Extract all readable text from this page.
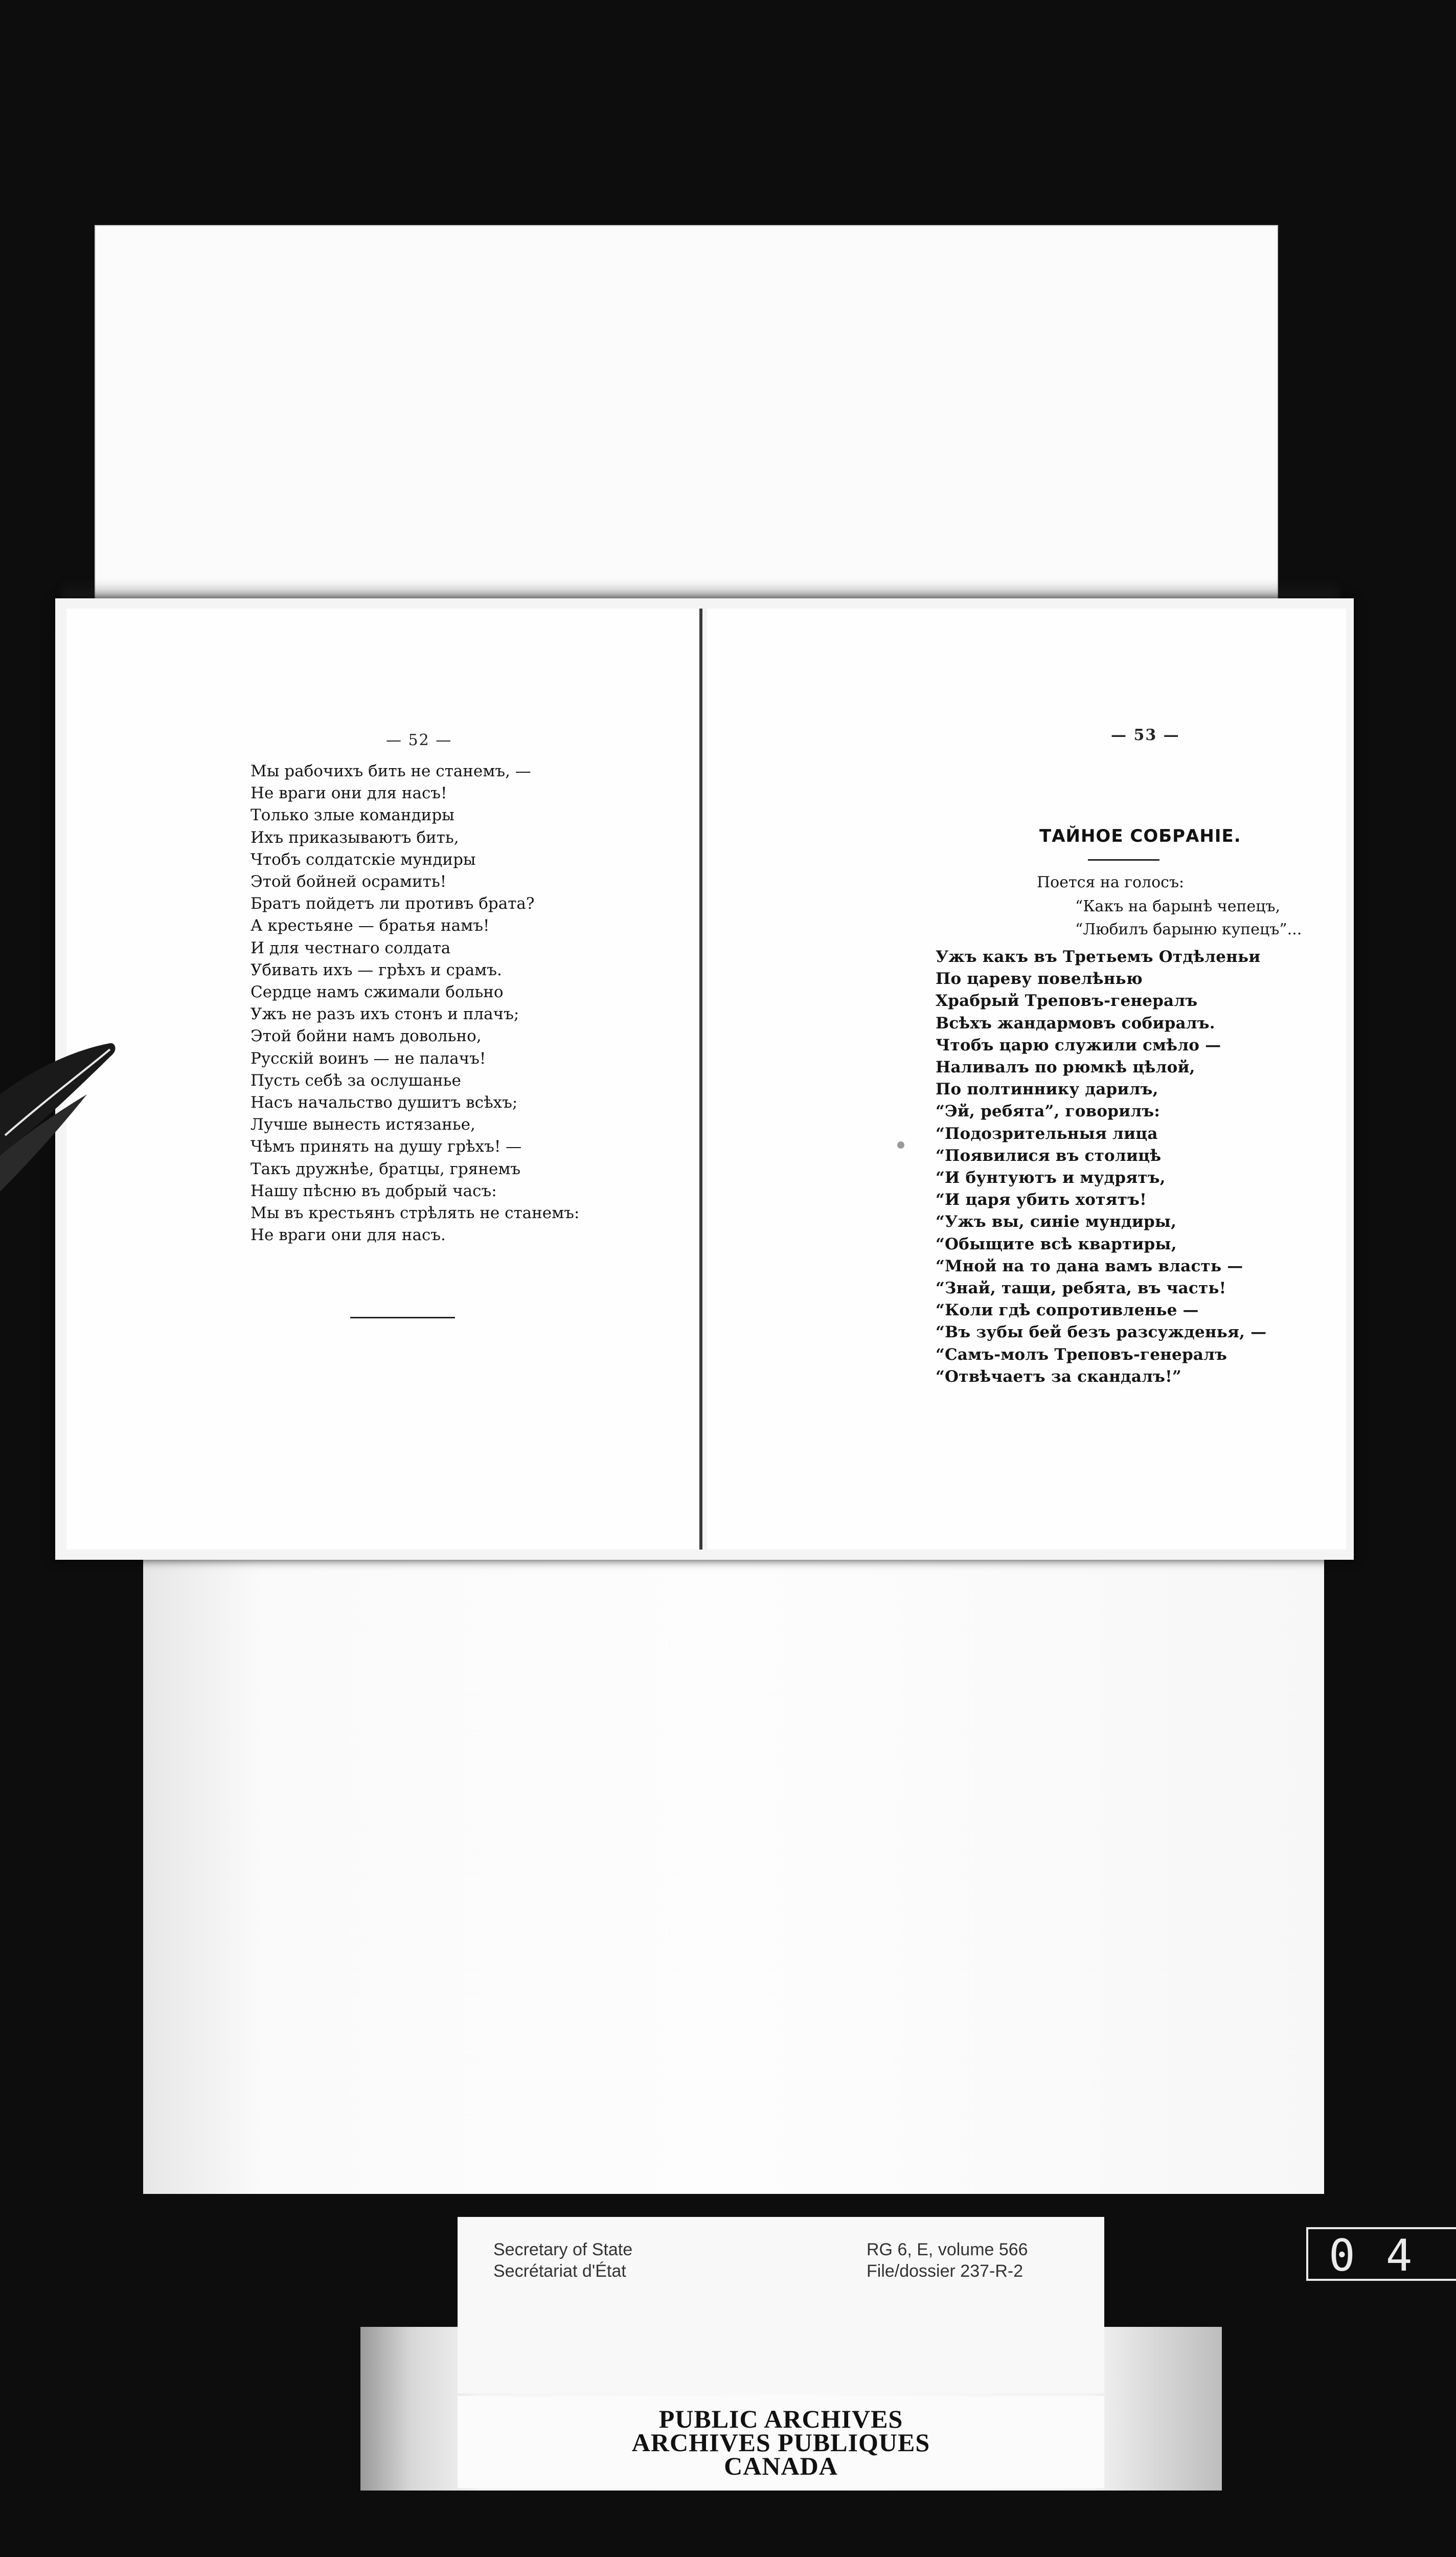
— 52 —
Мы рабочихъ бить не станемъ, —
Не враги они для насъ!
Только злые командиры
Ихъ приказываютъ бить,
Чтобъ солдатскіе мундиры
Этой бойней осрамить!
Братъ пойдетъ ли противъ брата?
А крестьяне — братья намъ!
И для честнаго солдата
Убивать ихъ — грѣхъ и срамъ.
Сердце намъ сжимали больно
Ужъ не разъ ихъ стонъ и плачъ;
Этой бойни намъ довольно,
Русскій воинъ — не палачъ!
Пусть себѣ за ослушанье
Насъ начальство душитъ всѣхъ;
Лучше вынесть истязанье,
Чѣмъ принять на душу грѣхъ! —
Такъ дружнѣе, братцы, грянемъ
Нашу пѣсню въ добрый часъ:
Мы въ крестьянъ стрѣлять не станемъ:
Не враги они для насъ.
— 53 —
ТАЙНОЕ СОБРАНІЕ.
Поется на голосъ:
“Какъ на барынѣ чепецъ,
“Любилъ барыню купецъ”...
Ужъ какъ въ Третьемъ Отдѣленьи
По цареву повелѣнью
Храбрый Треповъ-генералъ
Всѣхъ жандармовъ собиралъ.
Чтобъ царю служили смѣло —
Наливалъ по рюмкѣ цѣлой,
По полтиннику дарилъ,
“Эй, ребята”, говорилъ:
“Подозрительныя лица
“Появилися въ столицѣ
“И бунтуютъ и мудрятъ,
“И царя убить хотятъ!
“Ужъ вы, синіе мундиры,
“Обыщите всѣ квартиры,
“Мной на то дана вамъ власть —
“Знай, тащи, ребята, въ часть!
“Коли гдѣ сопротивленье —
“Въ зубы бей безъ разсужденья, —
“Самъ-молъ Треповъ-генералъ
“Отвѣчаетъ за скандалъ!”
Secretary of State
Secrétariat d'État
RG 6, E, volume 566
File/dossier 237-R-2
PUBLIC ARCHIVES
ARCHIVES PUBLIQUES
CANADA
04
